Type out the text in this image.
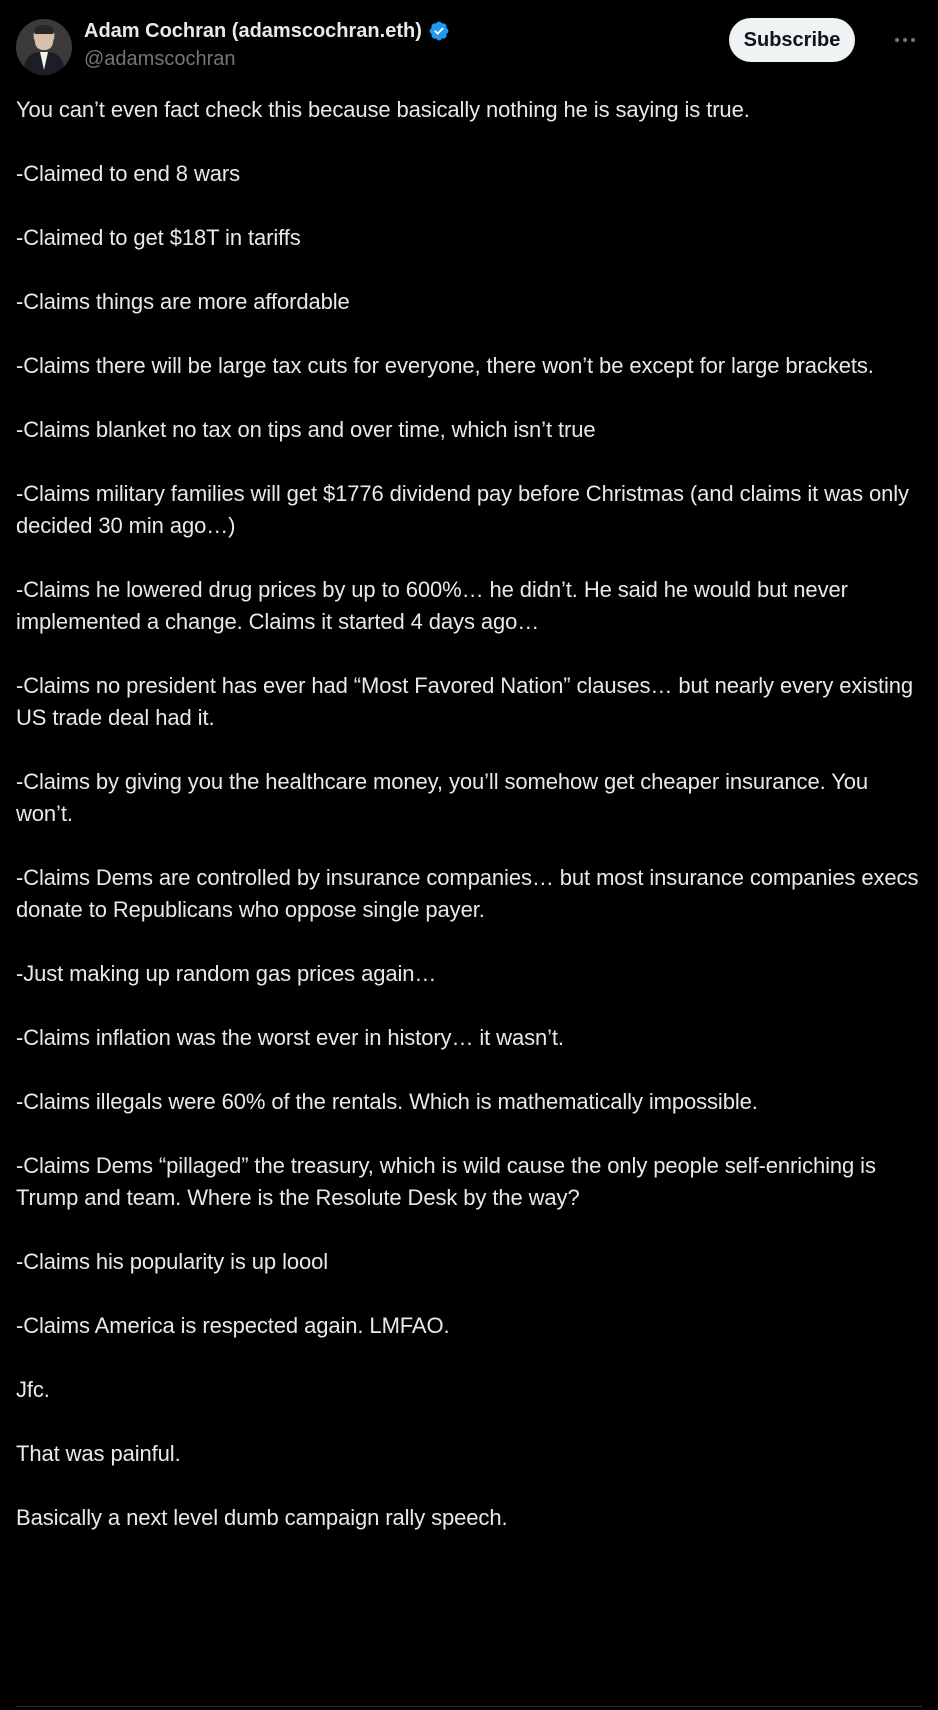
Adam Cochran (adamscochran.eth)
@adamscochran
Subscribe

You can’t even fact check this because basically nothing he is saying is true.

-Claimed to end 8 wars

-Claimed to get $18T in tariffs

-Claims things are more affordable

-Claims there will be large tax cuts for everyone, there won’t be except for large brackets.

-Claims blanket no tax on tips and over time, which isn’t true

-Claims military families will get $1776 dividend pay before Christmas (and claims it was only decided 30 min ago…)

-Claims he lowered drug prices by up to 600%… he didn’t. He said he would but never implemented a change. Claims it started 4 days ago…

-Claims no president has ever had “Most Favored Nation” clauses… but nearly every existing US trade deal had it.

-Claims by giving you the healthcare money, you’ll somehow get cheaper insurance. You won’t.

-Claims Dems are controlled by insurance companies… but most insurance companies execs donate to Republicans who oppose single payer.

-Just making up random gas prices again…

-Claims inflation was the worst ever in history… it wasn’t.

-Claims illegals were 60% of the rentals. Which is mathematically impossible.

-Claims Dems “pillaged” the treasury, which is wild cause the only people self-enriching is Trump and team. Where is the Resolute Desk by the way?

-Claims his popularity is up loool

-Claims America is respected again. LMFAO.

Jfc.

That was painful.

Basically a next level dumb campaign rally speech.
